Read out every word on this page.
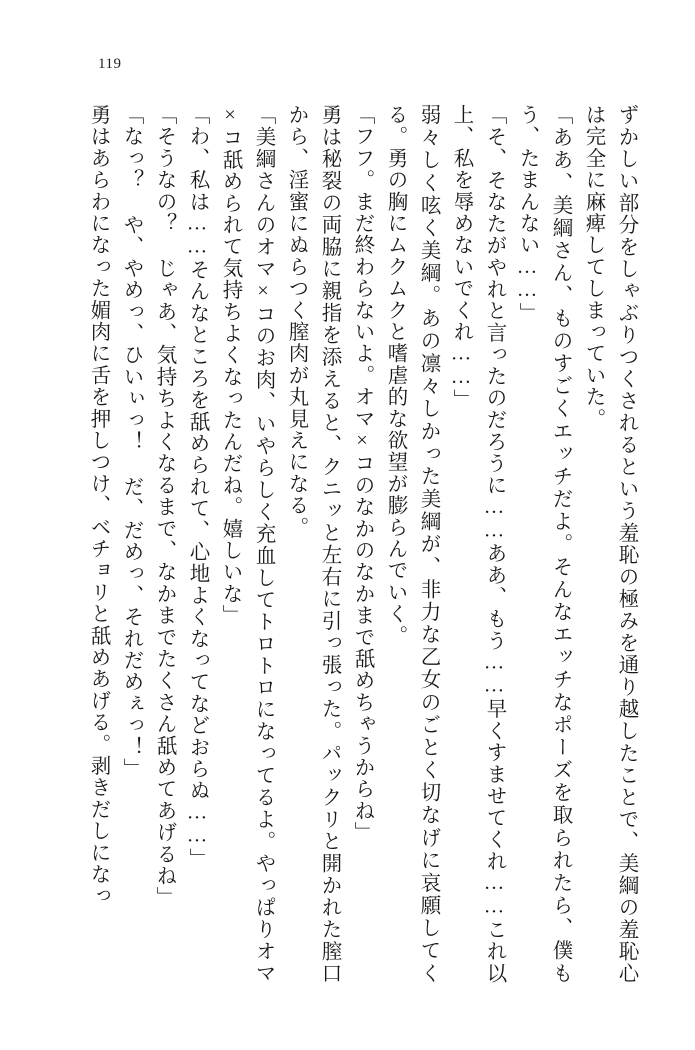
119

ずかしい部分をしゃぶりつくされるという羞恥の極みを通り越したことで、美綱の羞恥心は完全に麻痺してしまっていた。

「ああ、美綱さん、ものすごくエッチだよ。そんなエッチなポーズを取られたら、僕もう、たまんない……」

「そ、そなたがやれと言ったのだろうに……ああ、もう……早くすませてくれ……これ以上、私を辱めないでくれ……」

弱々しく呟く美綱。あの凛々しかった美綱が、非力な乙女のごとく切なげに哀願してくる。勇の胸にムクムクと嗜虐的な欲望が膨らんでいく。

「フフ。まだ終わらないよ。オマ×コのなかのなかまで舐めちゃうからね」

勇は秘裂の両脇に親指を添えると、クニッと左右に引っ張った。パックリと開かれた膣口から、淫蜜にぬらつく膣肉が丸見えになる。

「美綱さんのオマ×コのお肉、いやらしく充血してトロトロになってるよ。やっぱりオマ×コ舐められて気持ちよくなったんだね。嬉しいな」

「わ、私は……そんなところを舐められて、心地よくなってなどおらぬ……」

「そうなの？ じゃあ、気持ちよくなるまで、なかまでたくさん舐めてあげるね」

「なっ？ や、やめっ、ひいぃっ！ だ、だめっ、それだめぇっ！」

勇はあらわになった媚肉に舌を押しつけ、ベチョリと舐めあげる。剥きだしになっ
